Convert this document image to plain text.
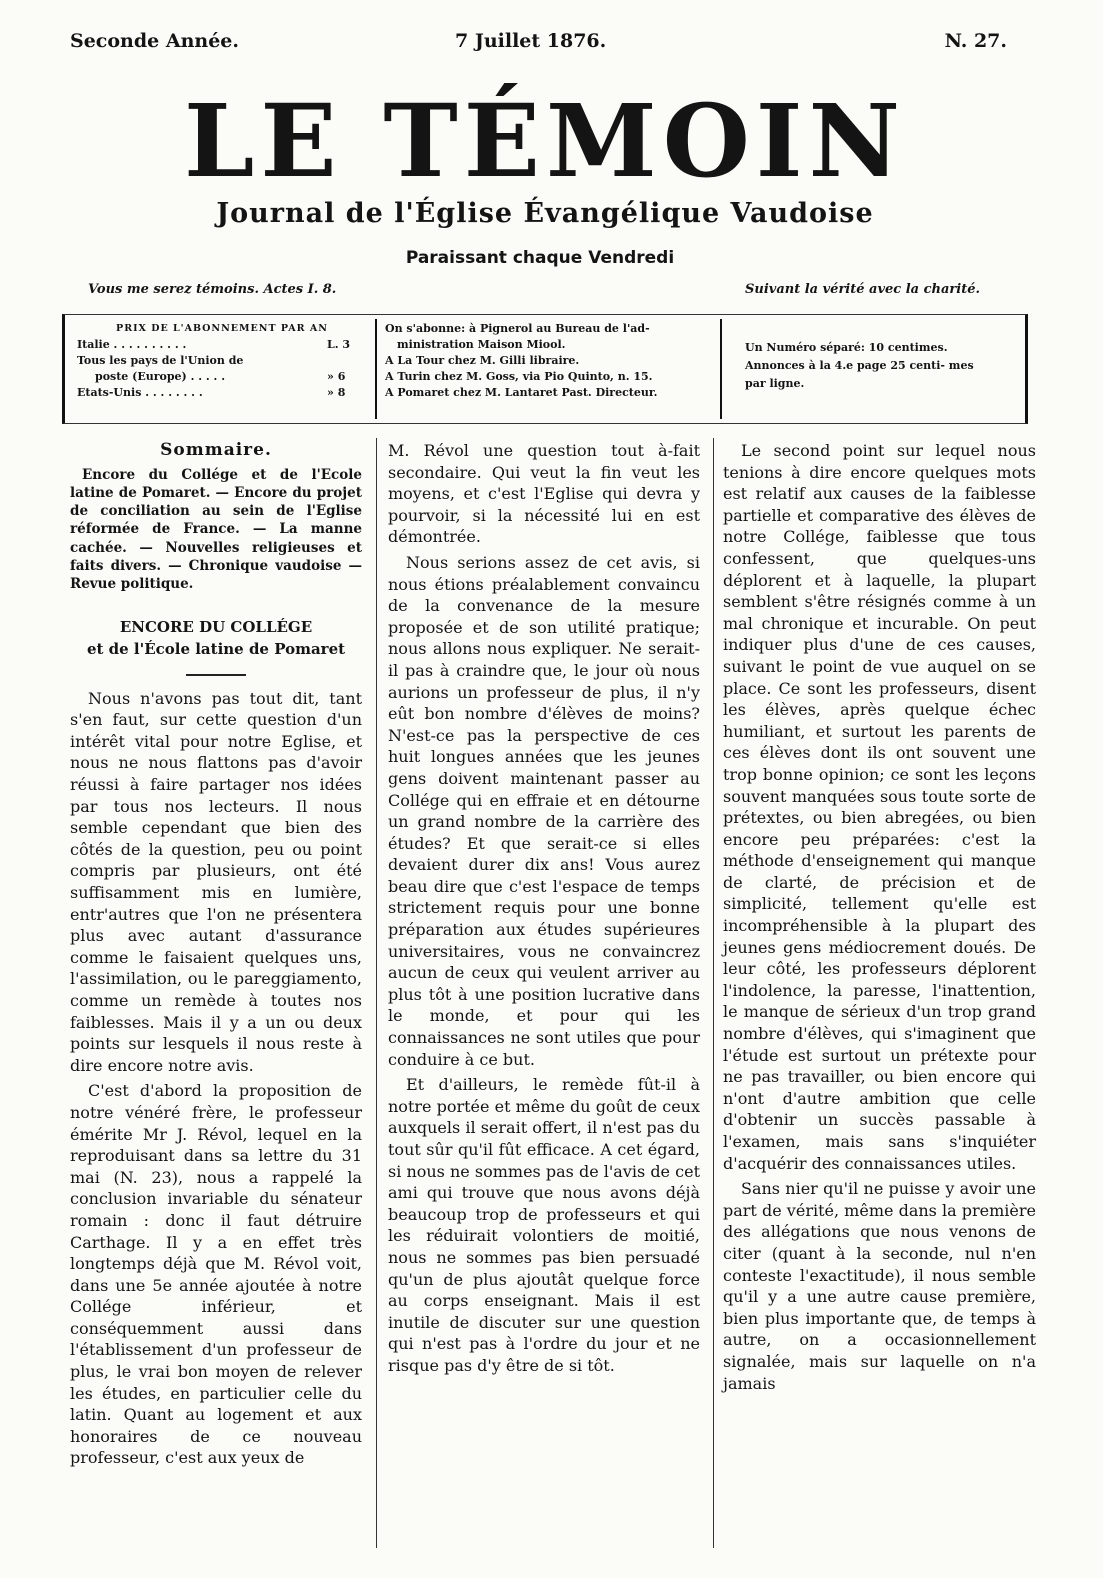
Seconde Année.	7 Juillet 1876.	N. 27.
LE TÉMOIN
Journal de l'Église Évangélique Vaudoise
Paraissant chaque Vendredi
Vous me serez témoins. Actes I. 8.	Suivant la vérité avec la charité.
PRIX DE L'ABONNEMENT PAR AN
Italie . . . . . . . . . .	L. 3
Tous les pays de l'Union de
poste (Europe) . . . . .	» 6
Etats-Unis . . . . . . . .	» 8
On s'abonne: à Pignerol au Bureau de l'ad-
ministration Maison Miool.
A La Tour chez M. Gilli libraire.
A Turin chez M. Goss, via Pio Quinto, n. 15.
A Pomaret chez M. Lantaret Past. Directeur.
Un Numéro séparé: 10 centimes.
Annonces à la 4.e page 25 centi- mes par ligne.
Sommaire.
Encore du Collége et de l'Ecole latine de Pomaret. — Encore du projet de conciliation au sein de l'Eglise réformée de France. — La manne cachée. — Nouvelles religieuses et faits divers. — Chronique vaudoise — Revue politique.
ENCORE DU COLLÉGE
et de l'École latine de Pomaret

Nous n'avons pas tout dit, tant s'en faut, sur cette question d'un intérêt vital pour notre Eglise, et nous ne nous flattons pas d'avoir réussi à faire partager nos idées par tous nos lecteurs. Il nous semble cependant que bien des côtés de la question, peu ou point compris par plusieurs, ont été suffisamment mis en lumière, entr'autres que l'on ne présentera plus avec autant d'assurance comme le faisaient quelques uns, l'assimilation, ou le pareggiamento, comme un remède à toutes nos faiblesses. Mais il y a un ou deux points sur lesquels il nous reste à dire encore notre avis.

C'est d'abord la proposition de notre vénéré frère, le professeur émérite Mr J. Révol, lequel en la reproduisant dans sa lettre du 31 mai (N. 23), nous a rappelé la conclusion invariable du sénateur romain : donc il faut détruire Carthage. Il y a en effet très longtemps déjà que M. Révol voit, dans une 5e année ajoutée à notre Collége inférieur, et conséquemment aussi dans l'établissement d'un professeur de plus, le vrai bon moyen de relever les études, en particulier celle du latin. Quant au logement et aux honoraires de ce nouveau professeur, c'est aux yeux de

M. Révol une question tout à-fait secondaire. Qui veut la fin veut les moyens, et c'est l'Eglise qui devra y pourvoir, si la nécessité lui en est démontrée.

Nous serions assez de cet avis, si nous étions préalablement convaincu de la convenance de la mesure proposée et de son utilité pratique; nous allons nous expliquer. Ne serait-il pas à craindre que, le jour où nous aurions un professeur de plus, il n'y eût bon nombre d'élèves de moins? N'est-ce pas la perspective de ces huit longues années que les jeunes gens doivent maintenant passer au Collége qui en effraie et en détourne un grand nombre de la carrière des études? Et que serait-ce si elles devaient durer dix ans! Vous aurez beau dire que c'est l'espace de temps strictement requis pour une bonne préparation aux études supérieures universitaires, vous ne convaincrez aucun de ceux qui veulent arriver au plus tôt à une position lucrative dans le monde, et pour qui les connaissances ne sont utiles que pour conduire à ce but.

Et d'ailleurs, le remède fût-il à notre portée et même du goût de ceux auxquels il serait offert, il n'est pas du tout sûr qu'il fût efficace. A cet égard, si nous ne sommes pas de l'avis de cet ami qui trouve que nous avons déjà beaucoup trop de professeurs et qui les réduirait volontiers de moitié, nous ne sommes pas bien persuadé qu'un de plus ajoutât quelque force au corps enseignant. Mais il est inutile de discuter sur une question qui n'est pas à l'ordre du jour et ne risque pas d'y être de si tôt.

Le second point sur lequel nous tenions à dire encore quelques mots est relatif aux causes de la faiblesse partielle et comparative des élèves de notre Collége, faiblesse que tous confessent, que quelques-uns déplorent et à laquelle, la plupart semblent s'être résignés comme à un mal chronique et incurable. On peut indiquer plus d'une de ces causes, suivant le point de vue auquel on se place. Ce sont les professeurs, disent les élèves, après quelque échec humiliant, et surtout les parents de ces élèves dont ils ont souvent une trop bonne opinion; ce sont les leçons souvent manquées sous toute sorte de prétextes, ou bien abregées, ou bien encore peu préparées: c'est la méthode d'enseignement qui manque de clarté, de précision et de simplicité, tellement qu'elle est incompréhensible à la plupart des jeunes gens médiocrement doués. De leur côté, les professeurs déplorent l'indolence, la paresse, l'inattention, le manque de sérieux d'un trop grand nombre d'élèves, qui s'imaginent que l'étude est surtout un prétexte pour ne pas travailler, ou bien encore qui n'ont d'autre ambition que celle d'obtenir un succès passable à l'examen, mais sans s'inquiéter d'acquérir des connaissances utiles.

Sans nier qu'il ne puisse y avoir une part de vérité, même dans la première des allégations que nous venons de citer (quant à la seconde, nul n'en conteste l'exactitude), il nous semble qu'il y a une autre cause première, bien plus importante que, de temps à autre, on a occasionnellement signalée, mais sur laquelle on n'a jamais
